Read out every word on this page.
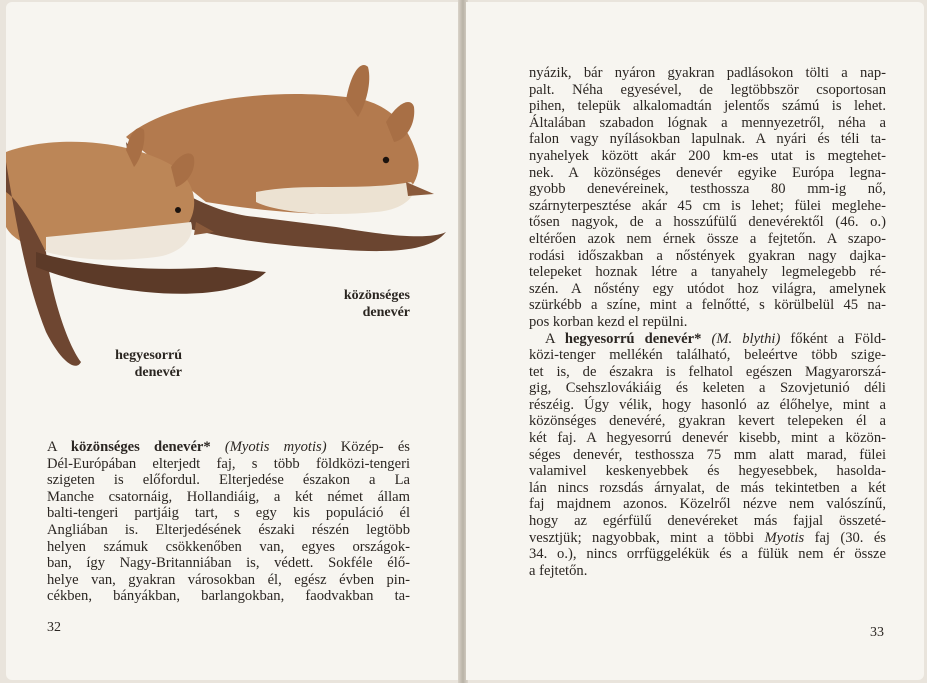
közönséges
denevér
hegyesorrú
denevér
A közönséges denevér* (Myotis myotis) Közép- és
Dél-Európában elterjedt faj, s több földközi-tengeri
szigeten is előfordul. Elterjedése északon a La
Manche csatornáig, Hollandiáig, a két német állam
balti-tengeri partjáig tart, s egy kis populáció él
Angliában is. Elterjedésének északi részén legtöbb
helyen számuk csökkenőben van, egyes országok-
ban, így Nagy-Britanniában is, védett. Sokféle élő-
helye van, gyakran városokban él, egész évben pin-
cékben, bányákban, barlangokban, faodvakban ta-
32
nyázik, bár nyáron gyakran padlásokon tölti a nap-
palt. Néha egyesével, de legtöbbször csoportosan
pihen, telepük alkalomadtán jelentős számú is lehet.
Általában szabadon lógnak a mennyezetről, néha a
falon vagy nyílásokban lapulnak. A nyári és téli ta-
nyahelyek között akár 200 km-es utat is megtehet-
nek. A közönséges denevér egyike Európa legna-
gyobb denevéreinek, testhossza 80 mm-ig nő,
szárnyterpesztése akár 45 cm is lehet; fülei meglehe-
tősen nagyok, de a hosszúfülű denevérektől (46. o.)
eltérően azok nem érnek össze a fejtetőn. A szapo-
rodási időszakban a nőstények gyakran nagy dajka-
telepeket hoznak létre a tanyahely legmelegebb ré-
szén. A nőstény egy utódot hoz világra, amelynek
szürkébb a színe, mint a felnőtté, s körülbelül 45 na-
pos korban kezd el repülni.
A hegyesorrú denevér* (M. blythi) főként a Föld-
közi-tenger mellékén található, beleértve több szige-
tet is, de északra is felhatol egészen Magyarorszá-
gig, Csehszlovákiáig és keleten a Szovjetunió déli
részéig. Úgy vélik, hogy hasonló az élőhelye, mint a
közönséges denevéré, gyakran kevert telepeken él a
két faj. A hegyesorrú denevér kisebb, mint a közön-
séges denevér, testhossza 75 mm alatt marad, fülei
valamivel keskenyebbek és hegyesebbek, hasolda-
lán nincs rozsdás árnyalat, de más tekintetben a két
faj majdnem azonos. Közelről nézve nem valószínű,
hogy az egérfülű denevéreket más fajjal összeté-
vesztjük; nagyobbak, mint a többi Myotis faj (30. és
34. o.), nincs orrfüggelékük és a fülük nem ér össze
a fejtetőn.
33
